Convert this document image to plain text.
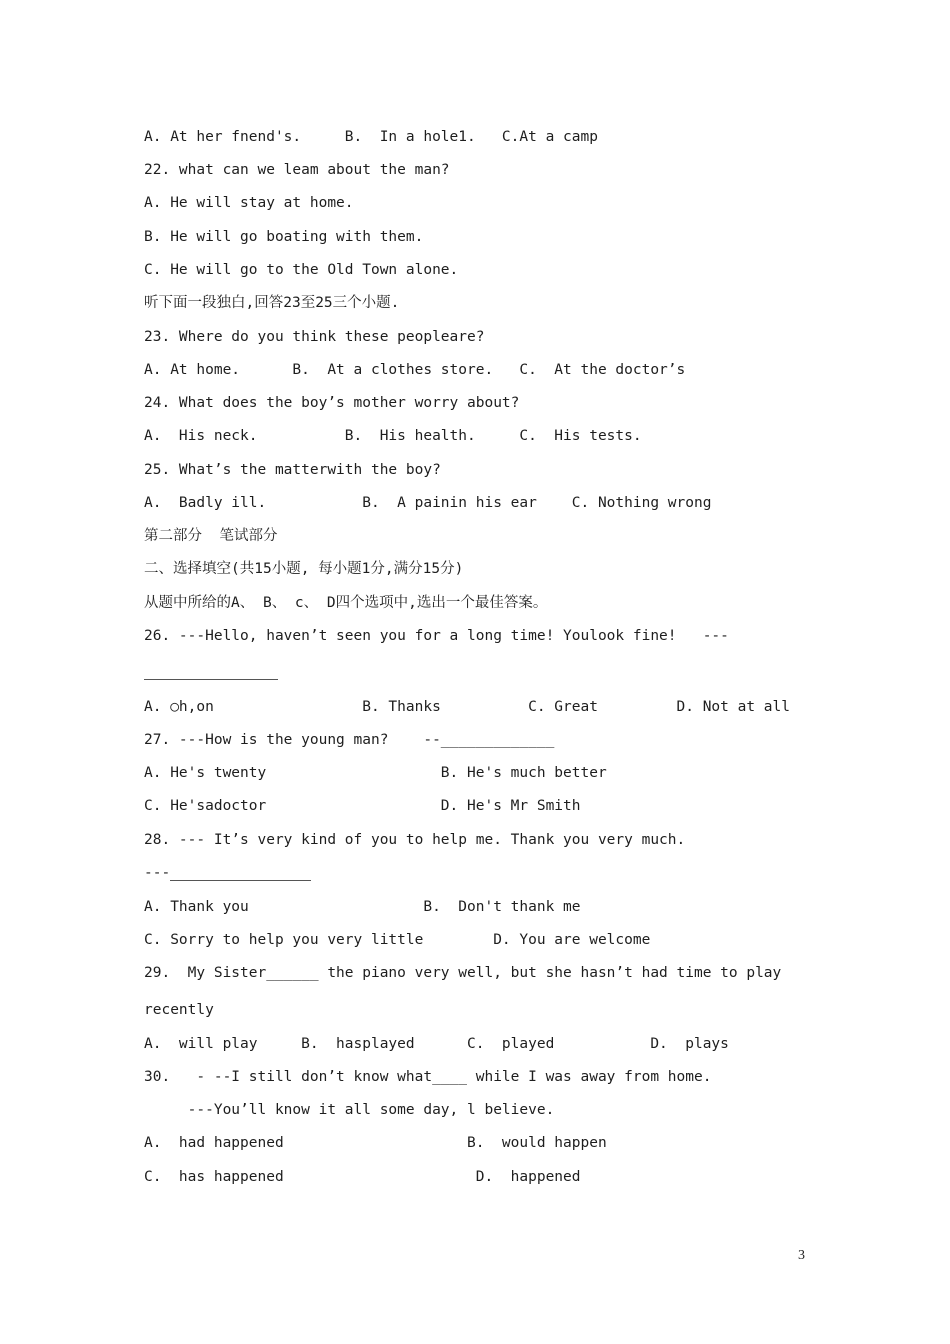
A. At her fnend's.     B.  In a hole1.   C.At a camp
22. what can we leam about the man?
A. He will stay at home.
B. He will go boating with them.
C. He will go to the Old Town alone.
听下面一段独白,回答23至25三个小题.
23. Where do you think these peopleare?
A. At home.      B.  At a clothes store.   C.  At the doctor’s
24. What does the boy’s mother worry about?
A.  His neck.          B.  His health.     C.  His tests.
25. What’s the matterwith the boy?
A.  Badly ill.           B.  A painin his ear    C. Nothing wrong
第二部分  笔试部分
二、选择填空(共15小题, 每小题1分,满分15分)
从题中所给的A、 B、 c、 D四个选项中,选出一个最佳答案。
26. ---Hello, haven’t seen you for a long time! Youlook fine!   ---
A. ○h,on                 B. Thanks          C. Great         D. Not at all
27. ---How is the young man?    --_____________
A. He's twenty                    B. He's much better
C. He'sadoctor                    D. He's Mr Smith
28. --- It’s very kind of you to help me. Thank you very much.
---
A. Thank you                    B.  Don't thank me
C. Sorry to help you very little        D. You are welcome
29.  My Sister______ the piano very well, but she hasn’t had time to play
recently
A.  will play     B.  hasplayed      C.  played           D.  plays
30.   - --I still don’t know what____ while I was away from home.
---You’ll know it all some day, l believe.
A.  had happened                     B.  would happen
C.  has happened                      D.  happened
3
